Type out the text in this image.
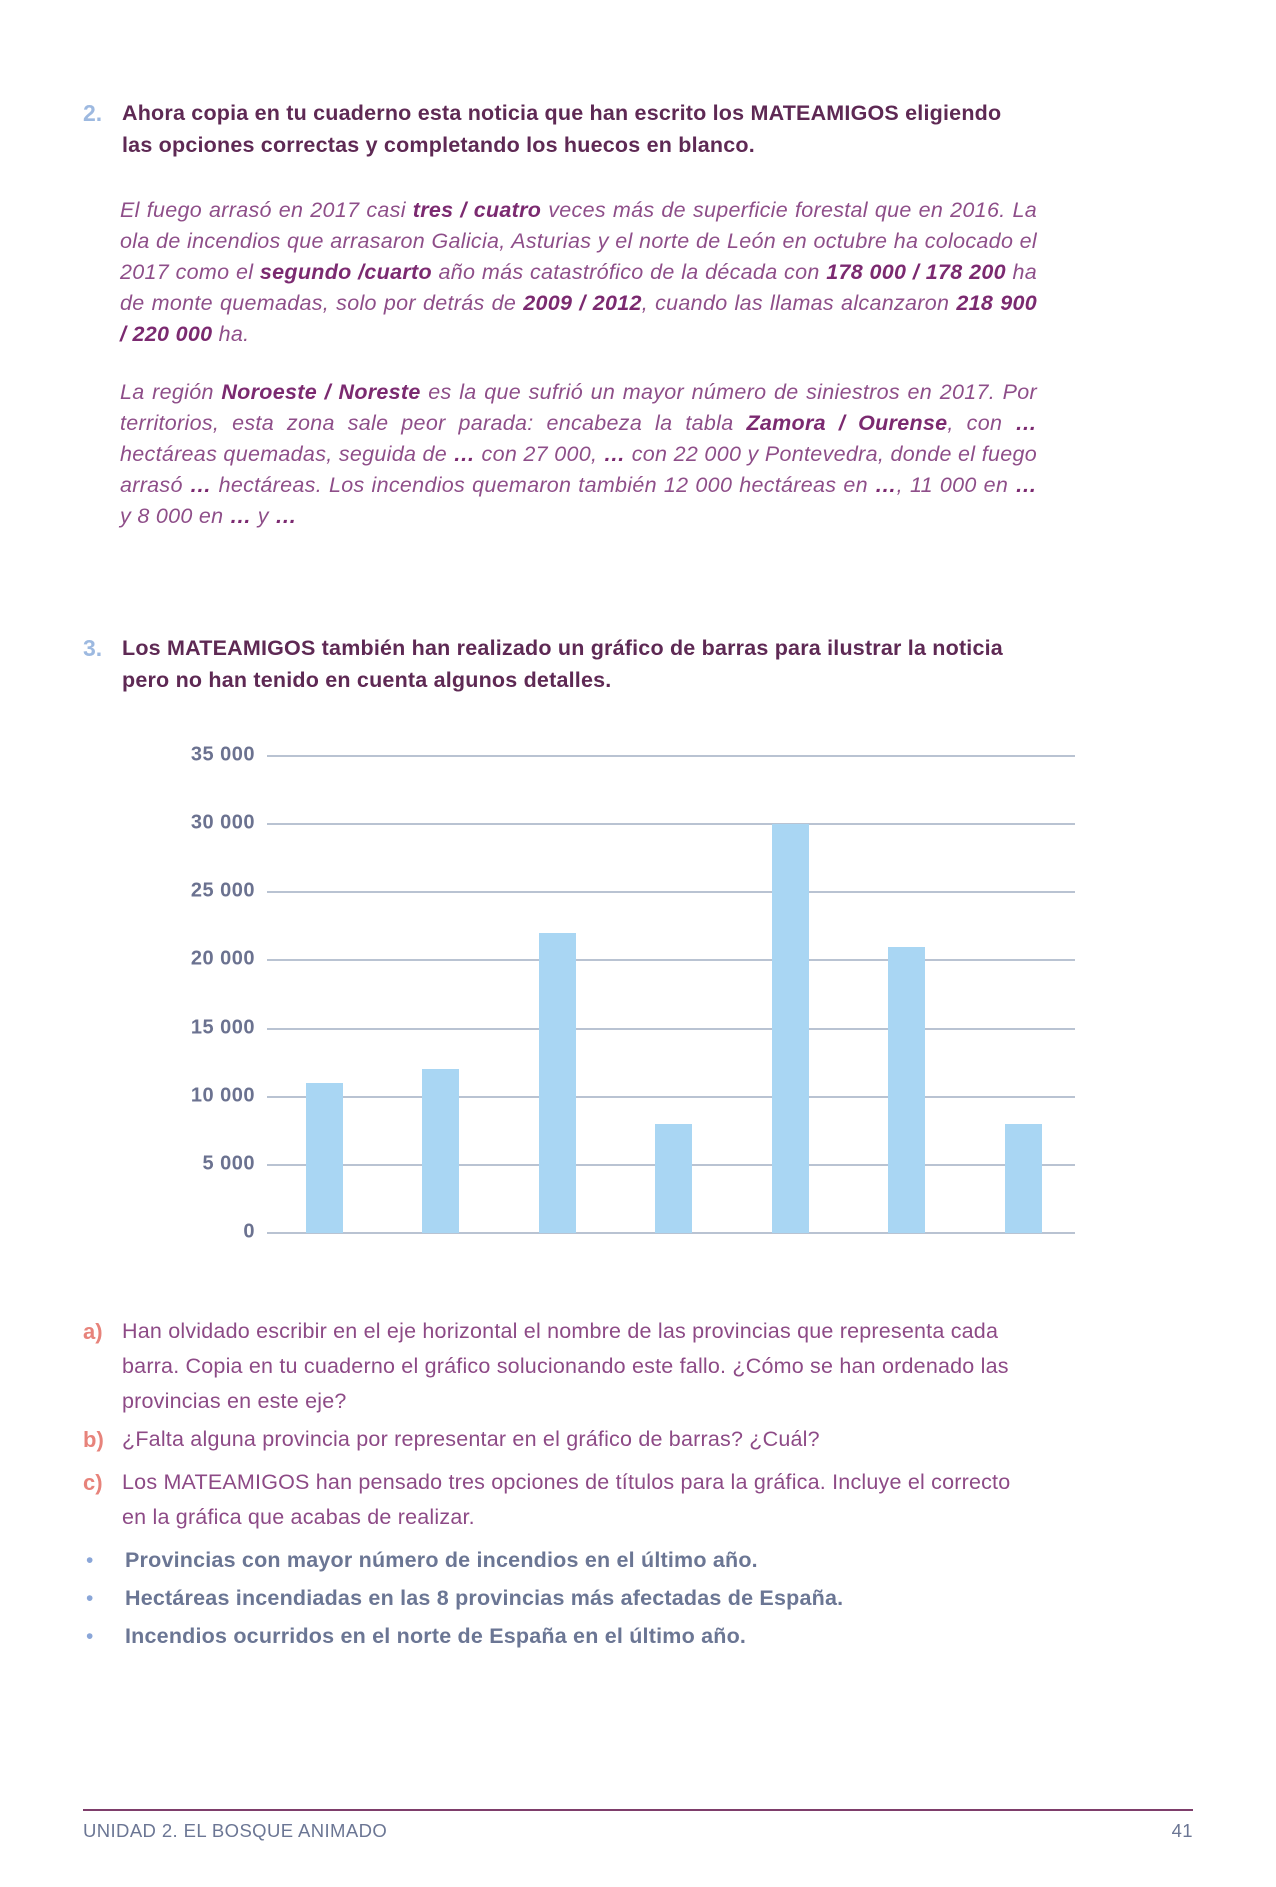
2. Ahora copia en tu cuaderno esta noticia que han escrito los MATEAMIGOS eligiendo las opciones correctas y completando los huecos en blanco.

El fuego arrasó en 2017 casi tres / cuatro veces más de superficie forestal que en 2016. La ola de incendios que arrasaron Galicia, Asturias y el norte de León en octubre ha colocado el 2017 como el segundo /cuarto año más catastrófico de la década con 178 000 / 178 200 ha de monte quemadas, solo por detrás de 2009 / 2012, cuando las llamas alcanzaron 218 900 / 220 000 ha.

La región Noroeste / Noreste es la que sufrió un mayor número de siniestros en 2017. Por territorios, esta zona sale peor parada: encabeza la tabla Zamora / Ourense, con … hectáreas quemadas, seguida de … con 27 000, … con 22 000 y Pontevedra, donde el fuego arrasó … hectáreas. Los incendios quemaron también 12 000 hectáreas en …, 11 000 en … y 8 000 en … y …

3. Los MATEAMIGOS también han realizado un gráfico de barras para ilustrar la noticia pero no han tenido en cuenta algunos detalles.
0
5 000
10 000
15 000
20 000
25 000
30 000
35 000
a) Han olvidado escribir en el eje horizontal el nombre de las provincias que representa cada barra. Copia en tu cuaderno el gráfico solucionando este fallo. ¿Cómo se han ordenado las provincias en este eje?
b) ¿Falta alguna provincia por representar en el gráfico de barras? ¿Cuál?
c) Los MATEAMIGOS han pensado tres opciones de títulos para la gráfica. Incluye el correcto en la gráfica que acabas de realizar.
•	Provincias con mayor número de incendios en el último año.
•	Hectáreas incendiadas en las 8 provincias más afectadas de España.
•	Incendios ocurridos en el norte de España en el último año.
UNIDAD 2. EL BOSQUE ANIMADO	41
